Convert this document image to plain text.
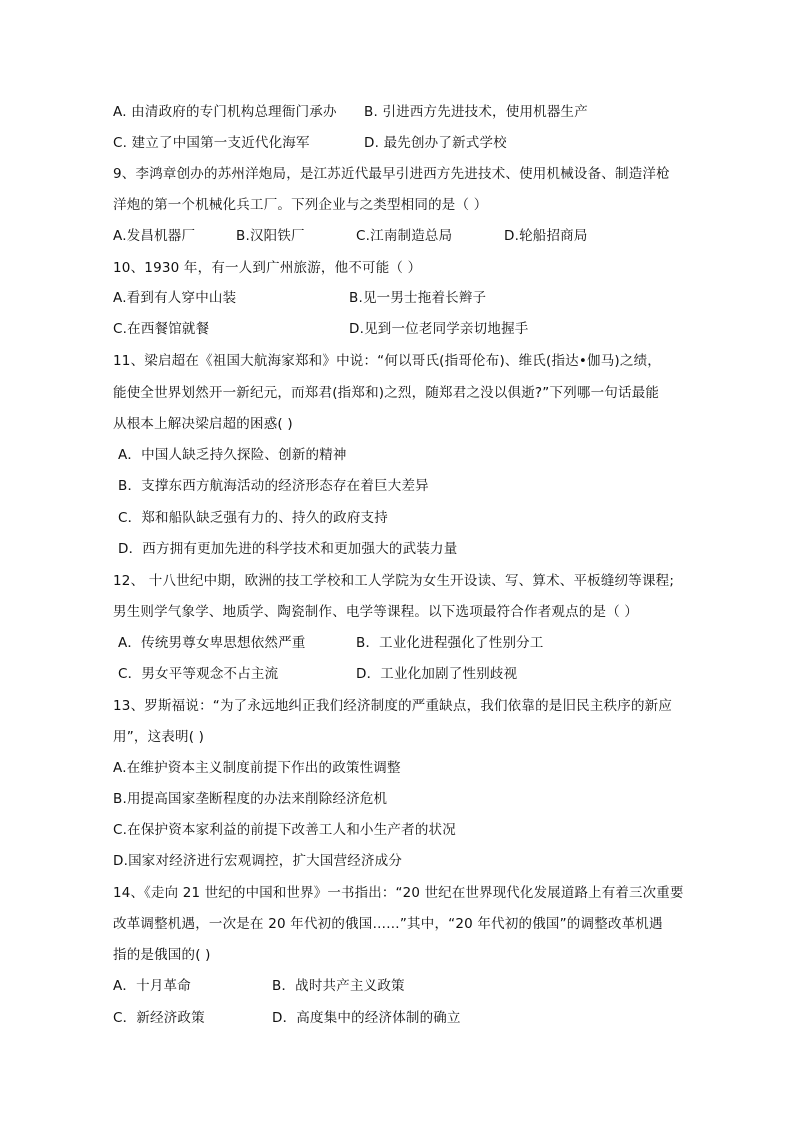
A. 由清政府的专门机构总理衙门承办 B. 引进西方先进技术，使用机器生产
C. 建立了中国第一支近代化海军	D. 最先创办了新式学校
9、李鸿章创办的苏州洋炮局，是江苏近代最早引进西方先进技术、使用机械设备、制造洋枪
洋炮的第一个机械化兵工厂。下列企业与之类型相同的是（ ）
A.发昌机器厂	B.汉阳铁厂	C.江南制造总局	D.轮船招商局
10、1930 年，有一人到广州旅游，他不可能（ ）
A.看到有人穿中山装	B.见一男士拖着长辫子
C.在西餐馆就餐	D.见到一位老同学亲切地握手
11、梁启超在《祖国大航海家郑和》中说：“何以哥氏(指哥伦布)、维氏(指达•伽马)之绩，
能使全世界划然开一新纪元，而郑君(指郑和)之烈，随郑君之没以俱逝?”下列哪一句话最能
从根本上解决梁启超的困惑( )
A．中国人缺乏持久探险、创新的精神
B．支撑东西方航海活动的经济形态存在着巨大差异
C．郑和船队缺乏强有力的、持久的政府支持
D．西方拥有更加先进的科学技术和更加强大的武装力量
12、 十八世纪中期，欧洲的技工学校和工人学院为女生开设读、写、算术、平板缝纫等课程;
男生则学气象学、地质学、陶瓷制作、电学等课程。以下选项最符合作者观点的是（ ）
A．传统男尊女卑思想依然严重	B．工业化进程强化了性别分工
C．男女平等观念不占主流	D．工业化加剧了性别歧视
13、罗斯福说：“为了永远地纠正我们经济制度的严重缺点，我们依靠的是旧民主秩序的新应
用”，这表明( )
A.在维护资本主义制度前提下作出的政策性调整
B.用提高国家垄断程度的办法来削除经济危机
C.在保护资本家利益的前提下改善工人和小生产者的状况
D.国家对经济进行宏观调控，扩大国营经济成分
14、《走向 21 世纪的中国和世界》一书指出：“20 世纪在世界现代化发展道路上有着三次重要
改革调整机遇，一次是在 20 年代初的俄国……”其中，“20 年代初的俄国”的调整改革机遇
指的是俄国的( )
A．十月革命	B．战时共产主义政策
C．新经济政策	D．高度集中的经济体制的确立
